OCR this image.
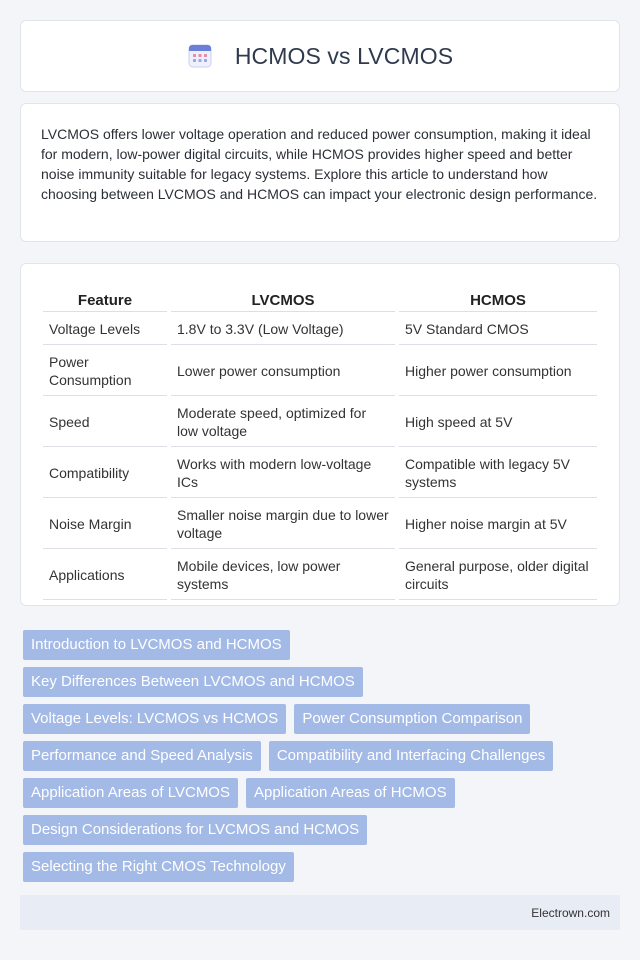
HCMOS vs LVCMOS

LVCMOS offers lower voltage operation and reduced power consumption, making it ideal for modern, low-power digital circuits, while HCMOS provides higher speed and better noise immunity suitable for legacy systems. Explore this article to understand how choosing between LVCMOS and HCMOS can impact your electronic design performance.

Feature	LVCMOS	HCMOS
Voltage Levels	1.8V to 3.3V (Low Voltage)	5V Standard CMOS
Power Consumption	Lower power consumption	Higher power consumption
Speed	Moderate speed, optimized for low voltage	High speed at 5V
Compatibility	Works with modern low-voltage ICs	Compatible with legacy 5V systems
Noise Margin	Smaller noise margin due to lower voltage	Higher noise margin at 5V
Applications	Mobile devices, low power systems	General purpose, older digital circuits
Introduction to LVCMOS and HCMOS
Key Differences Between LVCMOS and HCMOS
Voltage Levels: LVCMOS vs HCMOS	Power Consumption Comparison
Performance and Speed Analysis	Compatibility and Interfacing Challenges
Application Areas of LVCMOS	Application Areas of HCMOS
Design Considerations for LVCMOS and HCMOS
Selecting the Right CMOS Technology
Electrown.com
